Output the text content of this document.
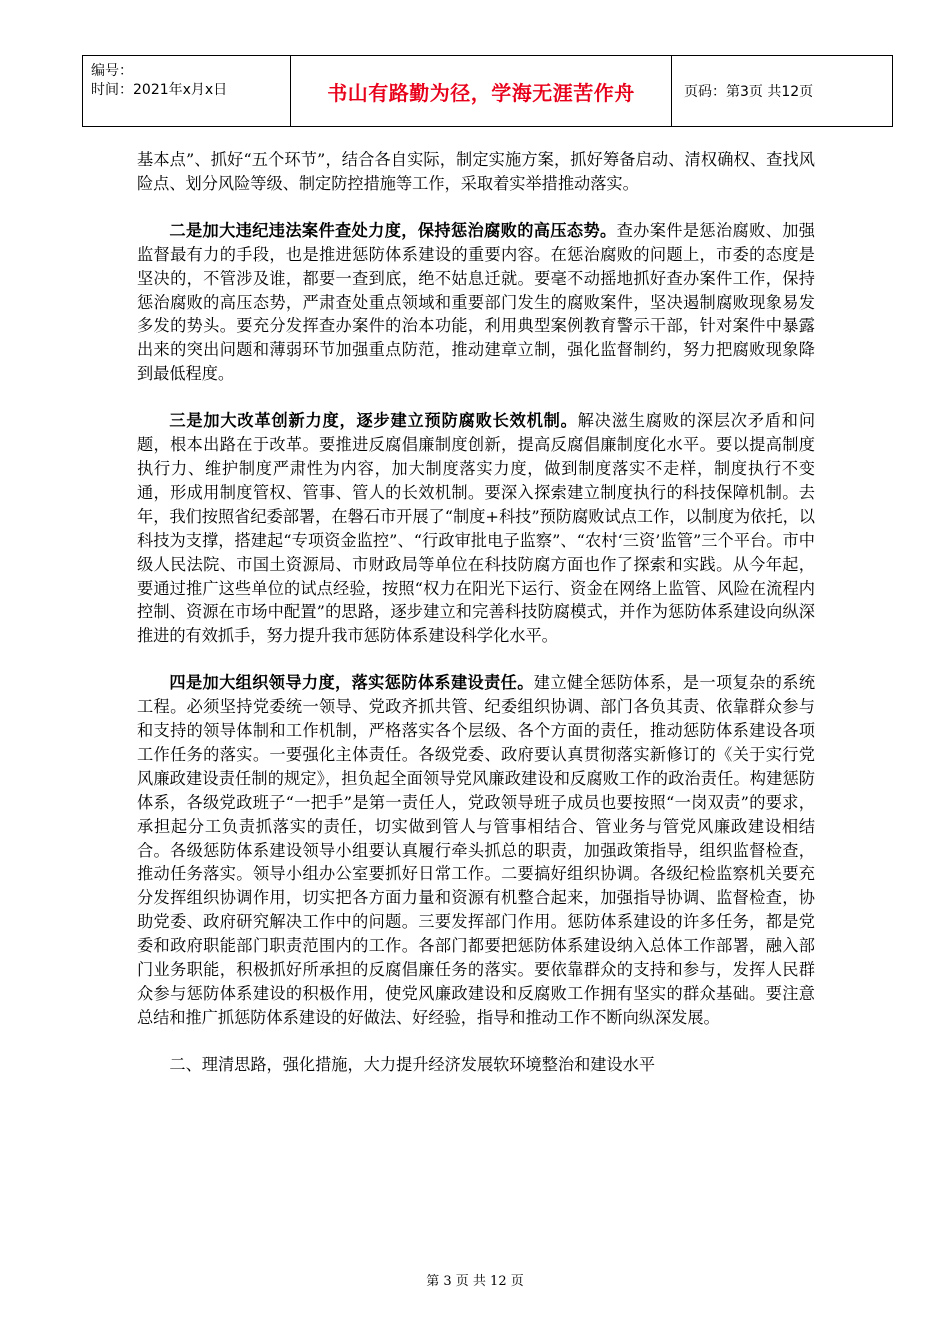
编号：
时间：2021年x月x日	书山有路勤为径，学海无涯苦作舟	页码：第3页 共12页

基本点”、抓好“五个环节”，结合各自实际，制定实施方案，抓好筹备启动、清权确权、查找风险点、划分风险等级、制定防控措施等工作，采取着实举措推动落实。

二是加大违纪违法案件查处力度，保持惩治腐败的高压态势。查办案件是惩治腐败、加强监督最有力的手段，也是推进惩防体系建设的重要内容。在惩治腐败的问题上，市委的态度是坚决的，不管涉及谁，都要一查到底，绝不姑息迁就。要毫不动摇地抓好查办案件工作，保持惩治腐败的高压态势，严肃查处重点领域和重要部门发生的腐败案件，坚决遏制腐败现象易发多发的势头。要充分发挥查办案件的治本功能，利用典型案例教育警示干部，针对案件中暴露出来的突出问题和薄弱环节加强重点防范，推动建章立制，强化监督制约，努力把腐败现象降到最低程度。

三是加大改革创新力度，逐步建立预防腐败长效机制。解决滋生腐败的深层次矛盾和问题，根本出路在于改革。要推进反腐倡廉制度创新，提高反腐倡廉制度化水平。要以提高制度执行力、维护制度严肃性为内容，加大制度落实力度，做到制度落实不走样，制度执行不变通，形成用制度管权、管事、管人的长效机制。要深入探索建立制度执行的科技保障机制。去年，我们按照省纪委部署，在磐石市开展了“制度+科技”预防腐败试点工作，以制度为依托，以科技为支撑，搭建起“专项资金监控”、“行政审批电子监察”、“农村‘三资’监管”三个平台。市中级人民法院、市国土资源局、市财政局等单位在科技防腐方面也作了探索和实践。从今年起，要通过推广这些单位的试点经验，按照“权力在阳光下运行、资金在网络上监管、风险在流程内控制、资源在市场中配置”的思路，逐步建立和完善科技防腐模式，并作为惩防体系建设向纵深推进的有效抓手，努力提升我市惩防体系建设科学化水平。

四是加大组织领导力度，落实惩防体系建设责任。建立健全惩防体系，是一项复杂的系统工程。必须坚持党委统一领导、党政齐抓共管、纪委组织协调、部门各负其责、依靠群众参与和支持的领导体制和工作机制，严格落实各个层级、各个方面的责任，推动惩防体系建设各项工作任务的落实。一要强化主体责任。各级党委、政府要认真贯彻落实新修订的《关于实行党风廉政建设责任制的规定》，担负起全面领导党风廉政建设和反腐败工作的政治责任。构建惩防体系，各级党政班子“一把手”是第一责任人，党政领导班子成员也要按照“一岗双责”的要求，承担起分工负责抓落实的责任，切实做到管人与管事相结合、管业务与管党风廉政建设相结合。各级惩防体系建设领导小组要认真履行牵头抓总的职责，加强政策指导，组织监督检查，推动任务落实。领导小组办公室要抓好日常工作。二要搞好组织协调。各级纪检监察机关要充分发挥组织协调作用，切实把各方面力量和资源有机整合起来，加强指导协调、监督检查，协助党委、政府研究解决工作中的问题。三要发挥部门作用。惩防体系建设的许多任务，都是党委和政府职能部门职责范围内的工作。各部门都要把惩防体系建设纳入总体工作部署，融入部门业务职能，积极抓好所承担的反腐倡廉任务的落实。要依靠群众的支持和参与，发挥人民群众参与惩防体系建设的积极作用，使党风廉政建设和反腐败工作拥有坚实的群众基础。要注意总结和推广抓惩防体系建设的好做法、好经验，指导和推动工作不断向纵深发展。

二、理清思路，强化措施，大力提升经济发展软环境整治和建设水平

第 3 页 共 12 页
